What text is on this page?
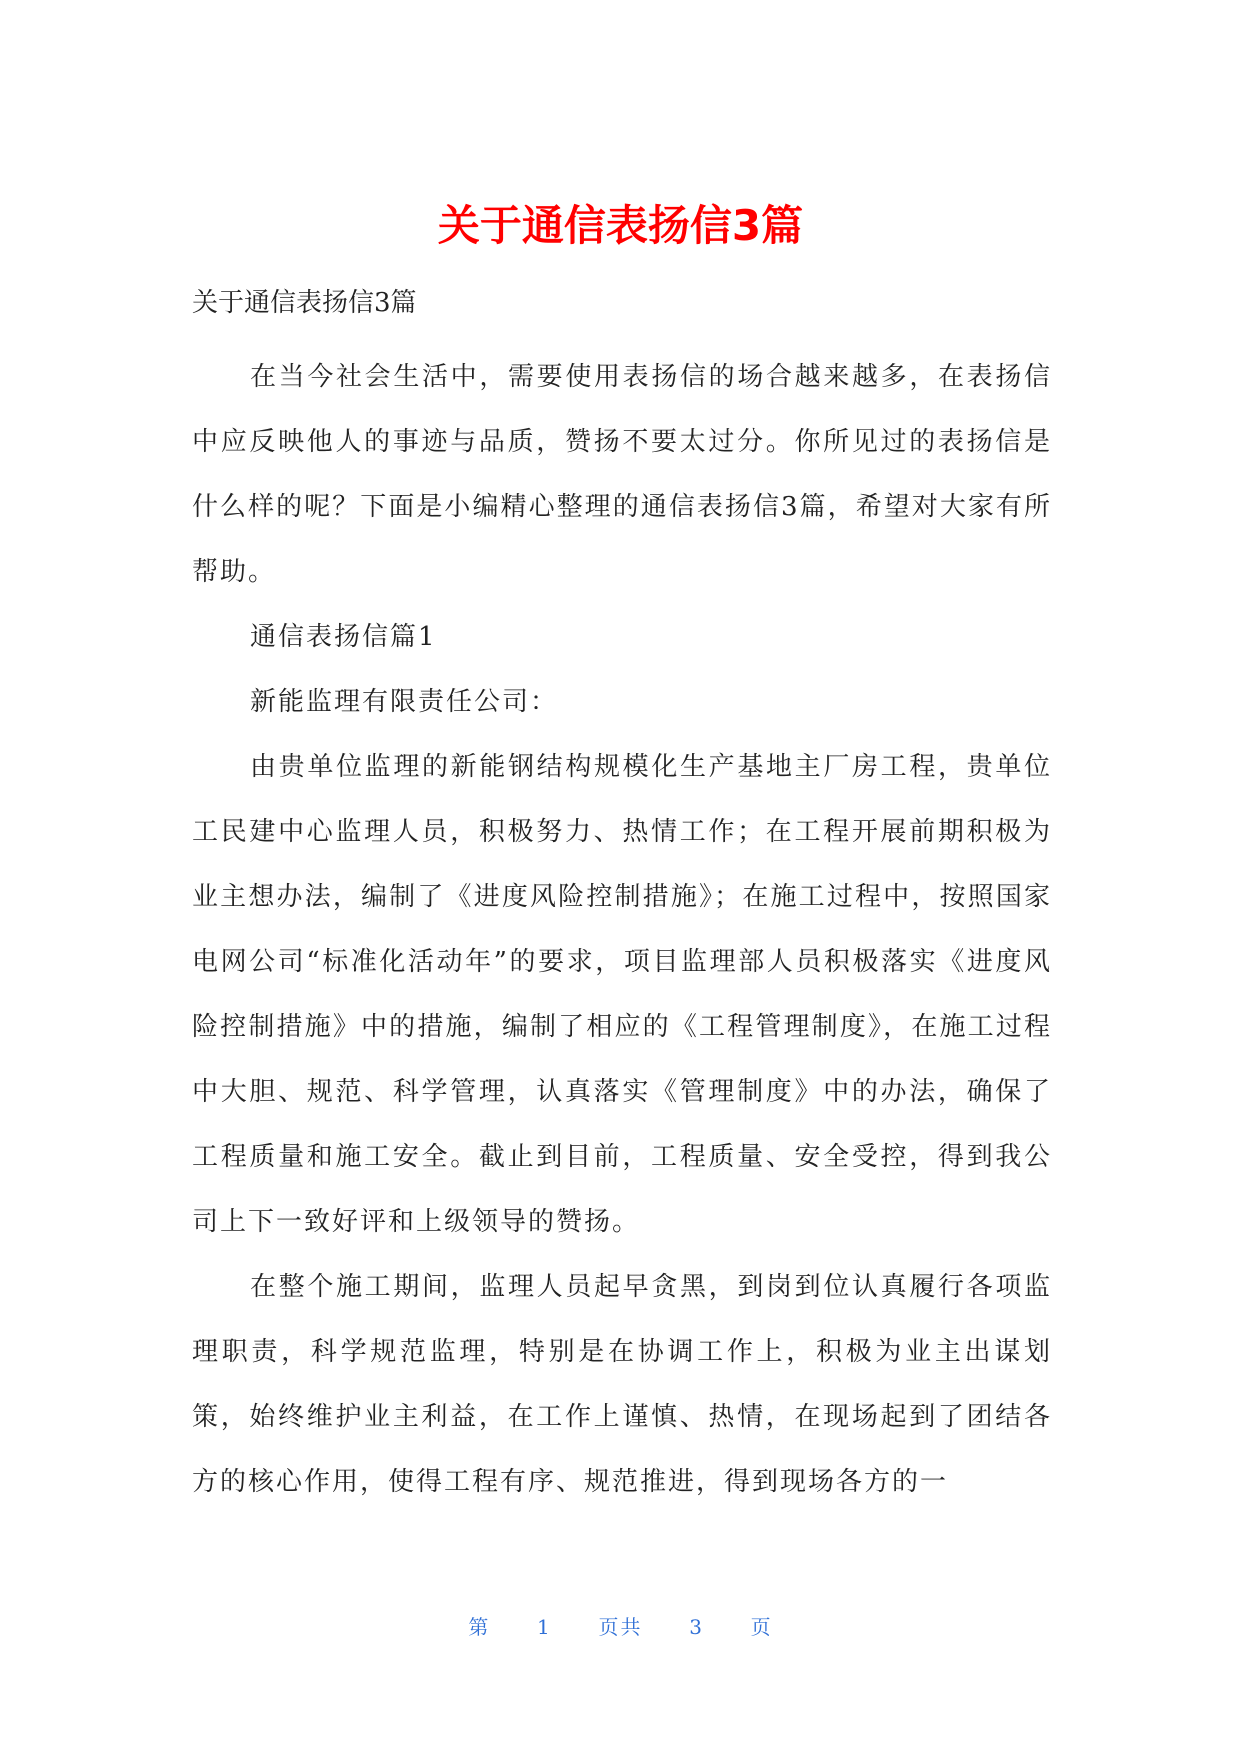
关于通信表扬信3篇

关于通信表扬信3篇

在当今社会生活中，需要使用表扬信的场合越来越多，在表扬信中应反映他人的事迹与品质，赞扬不要太过分。你所见过的表扬信是什么样的呢？下面是小编精心整理的通信表扬信3篇，希望对大家有所帮助。

通信表扬信篇1

新能监理有限责任公司：

由贵单位监理的新能钢结构规模化生产基地主厂房工程，贵单位工民建中心监理人员，积极努力、热情工作；在工程开展前期积极为业主想办法，编制了《进度风险控制措施》；在施工过程中，按照国家电网公司“标准化活动年”的要求，项目监理部人员积极落实《进度风险控制措施》中的措施，编制了相应的《工程管理制度》，在施工过程中大胆、规范、科学管理，认真落实《管理制度》中的办法，确保了工程质量和施工安全。截止到目前，工程质量、安全受控，得到我公司上下一致好评和上级领导的赞扬。

在整个施工期间，监理人员起早贪黑，到岗到位认真履行各项监理职责，科学规范监理，特别是在协调工作上，积极为业主出谋划策，始终维护业主利益，在工作上谨慎、热情，在现场起到了团结各方的核心作用，使得工程有序、规范推进，得到现场各方的一

第 1 页共 3 页
